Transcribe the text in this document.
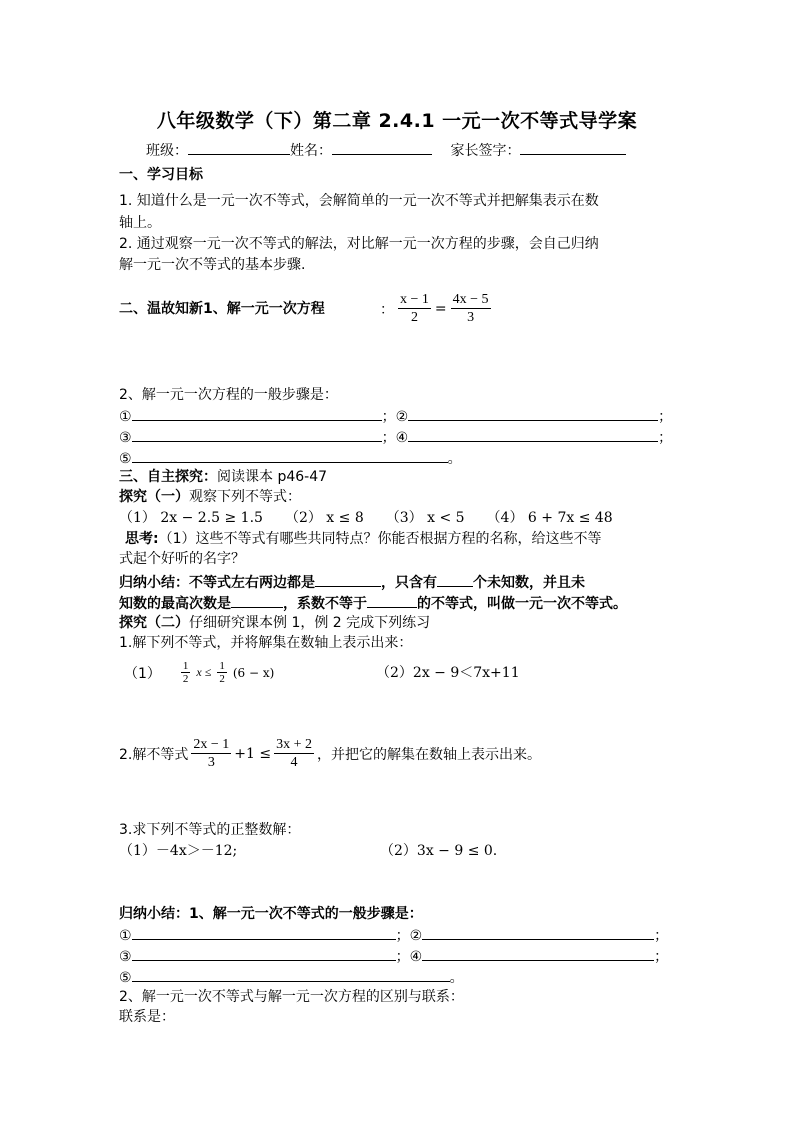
八年级数学（下）第二章 2.4.1 一元一次不等式导学案
班级：	姓名：	家长签字：
一、学习目标
1. 知道什么是一元一次不等式，会解简单的一元一次不等式并把解集表示在数
轴上。
2. 通过观察一元一次不等式的解法，对比解一元一次方程的步骤，会自己归纳
解一元一次不等式的基本步骤.
二、温故知新1、解一元一次方程	： $\frac{x - 1}{2} = \frac{4x - 5}{3}$
2、解一元一次方程的一般步骤是：
①	；②	；
③	；④	；
⑤	。
三、自主探究：阅读课本 p46-47
探究（一）观察下列不等式：
（1） 2x − 2.5 ≥ 1.5 （2） x ≤ 8 （3） x < 5 （4） 6 + 7x ≤ 48
思考:（1）这些不等式有哪些共同特点？你能否根据方程的名称，给这些不等
式起个好听的名字？
归纳小结：不等式左右两边都是	，只含有	个未知数，并且未
知数的最高次数是	，系数不等于	的不等式，叫做一元一次不等式。
探究（二）仔细研究课本例 1，例 2 完成下列练习
1.解下列不等式，并将解集在数轴上表示出来：
$(1) \frac{1}{2}$ $x \le \frac{1}{2} (6 - x)$	（2）2x − 9＜7x+11
2.解不等式 $\frac{2x - 1}{3} +1 \le \frac{3x + 2}{4}$ ，并把它的解集在数轴上表示出来。
3.求下列不等式的正整数解：
（1）－4x＞－12;	（2）3x − 9 ≤ 0.
归纳小结：1、解一元一次不等式的一般步骤是：
①	；②	；
③	；④	；
⑤	。
2、解一元一次不等式与解一元一次方程的区别与联系：
联系是：
